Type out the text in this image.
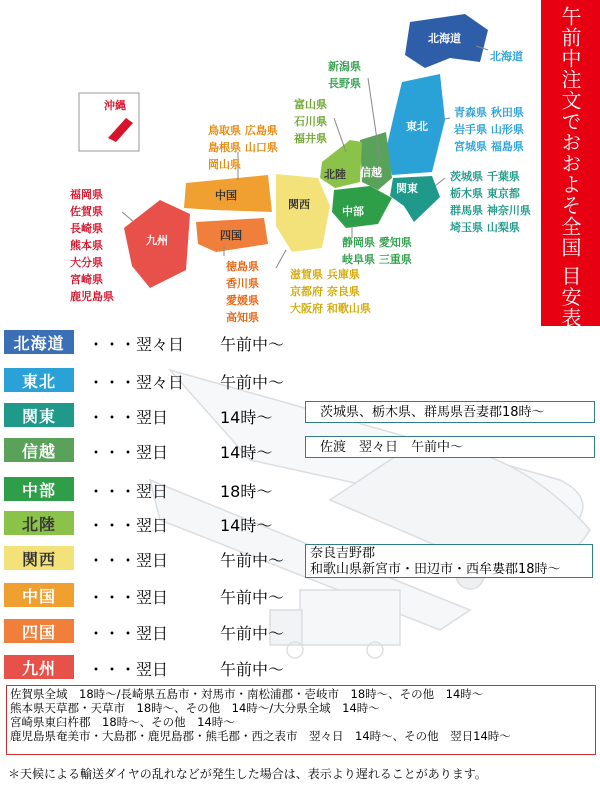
沖縄
北海道
東北
関東
信越
北陸
中部
関西
中国
四国
九州
北海道
青森県 秋田県
岩手県 山形県
宮城県 福島県
茨城県 千葉県
栃木県 東京都
群馬県 神奈川県
埼玉県 山梨県
新潟県
長野県
富山県
石川県
福井県
静岡県 愛知県
岐阜県 三重県
滋賀県 兵庫県
京都府 奈良県
大阪府 和歌山県
鳥取県 広島県
島根県 山口県
岡山県
徳島県
香川県
愛媛県
高知県
福岡県
佐賀県
長崎県
熊本県
大分県
宮崎県
鹿児島県	午前中注文でおおよそ全国 目安表
北海道	・・・翌々日 午前中〜
東北	・・・翌々日 午前中〜
関東	・・・翌日	14時〜	茨城県、栃木県、群馬県吾妻郡18時〜
信越	・・・翌日	14時〜	佐渡　翌々日　午前中〜
中部	・・・翌日	18時〜
北陸	・・・翌日	14時〜
関西	・・・翌日	午前中〜	奈良吉野郡
和歌山県新宮市・田辺市・西牟婁郡18時〜
中国	・・・翌日	午前中〜
四国	・・・翌日	午前中〜
九州	・・・翌日	午前中〜
佐賀県全域　18時〜/長崎県五島市・対馬市・南松浦郡・壱岐市　18時〜、その他　14時〜
熊本県天草郡・天草市　18時〜、その他　14時〜/大分県全域　14時〜
宮崎県東臼杵郡　18時〜、その他　14時〜
鹿児島県奄美市・大島郡・鹿児島郡・熊毛郡・西之表市　翌々日　14時〜、その他　翌日14時〜
＊天候による輸送ダイヤの乱れなどが発生した場合は、表示より遅れることがあります。
